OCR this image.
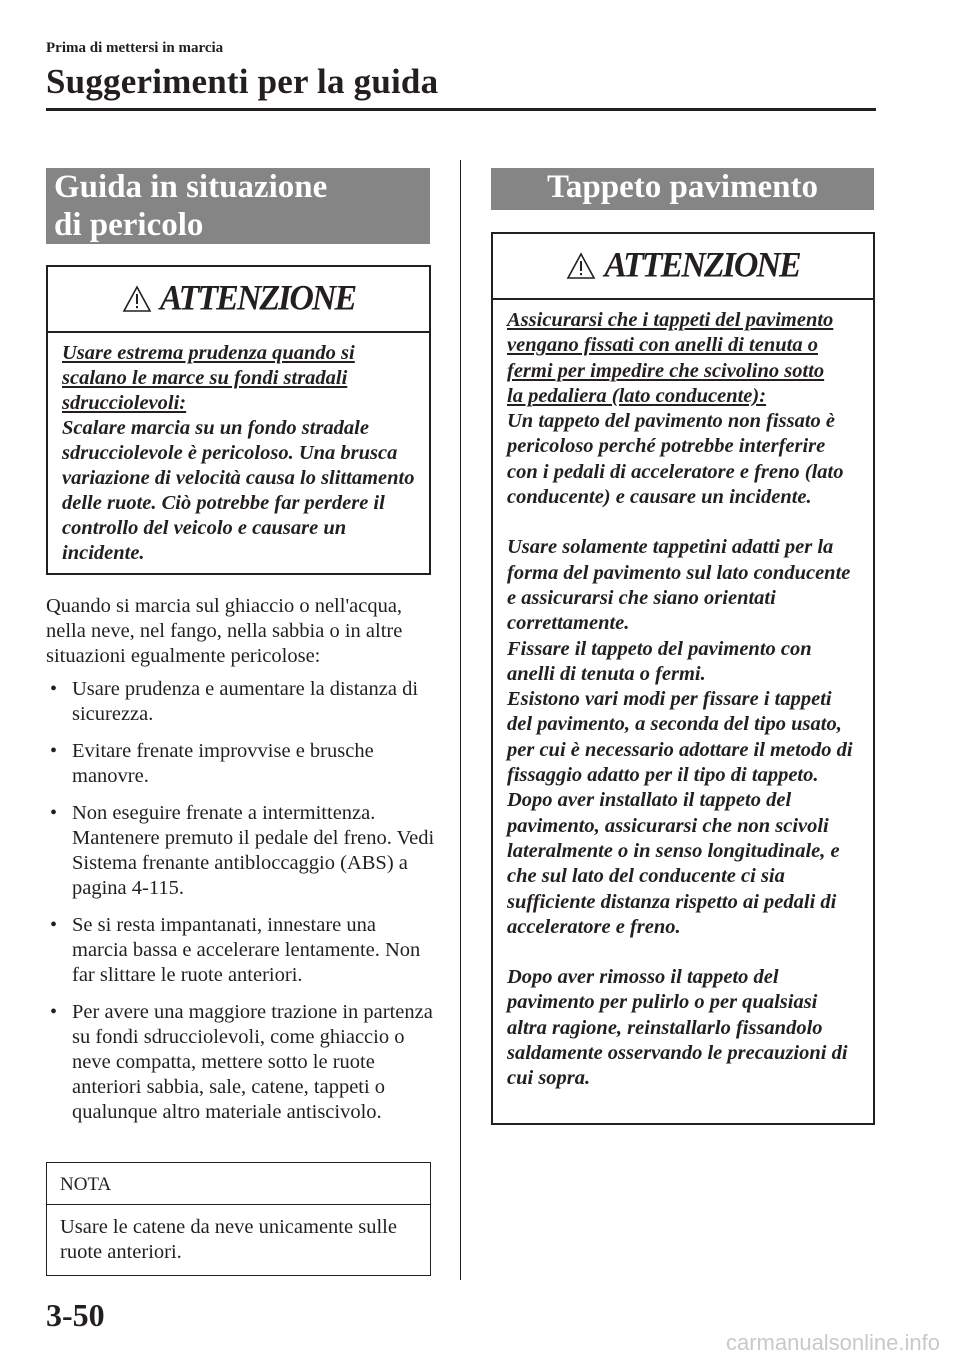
Prima di mettersi in marcia
Suggerimenti per la guida
Guida in situazione di pericolo
ATTENZIONE

Usare estrema prudenza quando si

scalano le marce su fondi stradali

sdrucciolevoli:

Scalare marcia su un fondo stradale sdrucciolevole è pericoloso. Una brusca variazione di velocità causa lo slittamento delle ruote. Ciò potrebbe far perdere il controllo del veicolo e causare un incidente.

Quando si marcia sul ghiaccio o nell'acqua, nella neve, nel fango, nella sabbia o in altre situazioni egualmente pericolose:
• Usare prudenza e aumentare la distanza di sicurezza.
• Evitare frenate improvvise e brusche manovre.
• Non eseguire frenate a intermittenza. Mantenere premuto il pedale del freno. Vedi Sistema frenante antibloccaggio (ABS) a pagina 4-115.
• Se si resta impantanati, innestare una marcia bassa e accelerare lentamente. Non far slittare le ruote anteriori.
• Per avere una maggiore trazione in partenza su fondi sdrucciolevoli, come ghiaccio o neve compatta, mettere sotto le ruote anteriori sabbia, sale, catene, tappeti o qualunque altro materiale antiscivolo.
NOTA
Usare le catene da neve unicamente sulle ruote anteriori.
Tappeto pavimento
ATTENZIONE

Assicurarsi che i tappeti del pavimento

vengano fissati con anelli di tenuta o

fermi per impedire che scivolino sotto

la pedaliera (lato conducente):

Un tappeto del pavimento non fissato è pericoloso perché potrebbe interferire con i pedali di acceleratore e freno (lato conducente) e causare un incidente.

Usare solamente tappetini adatti per la forma del pavimento sul lato conducente e assicurarsi che siano orientati correttamente.

Fissare il tappeto del pavimento con anelli di tenuta o fermi.

Esistono vari modi per fissare i tappeti del pavimento, a seconda del tipo usato, per cui è necessario adottare il metodo di fissaggio adatto per il tipo di tappeto.

Dopo aver installato il tappeto del pavimento, assicurarsi che non scivoli lateralmente o in senso longitudinale, e che sul lato del conducente ci sia sufficiente distanza rispetto ai pedali di acceleratore e freno.

Dopo aver rimosso il tappeto del pavimento per pulirlo o per qualsiasi altra ragione, reinstallarlo fissandolo saldamente osservando le precauzioni di cui sopra.

3-50
carmanualsonline.info
